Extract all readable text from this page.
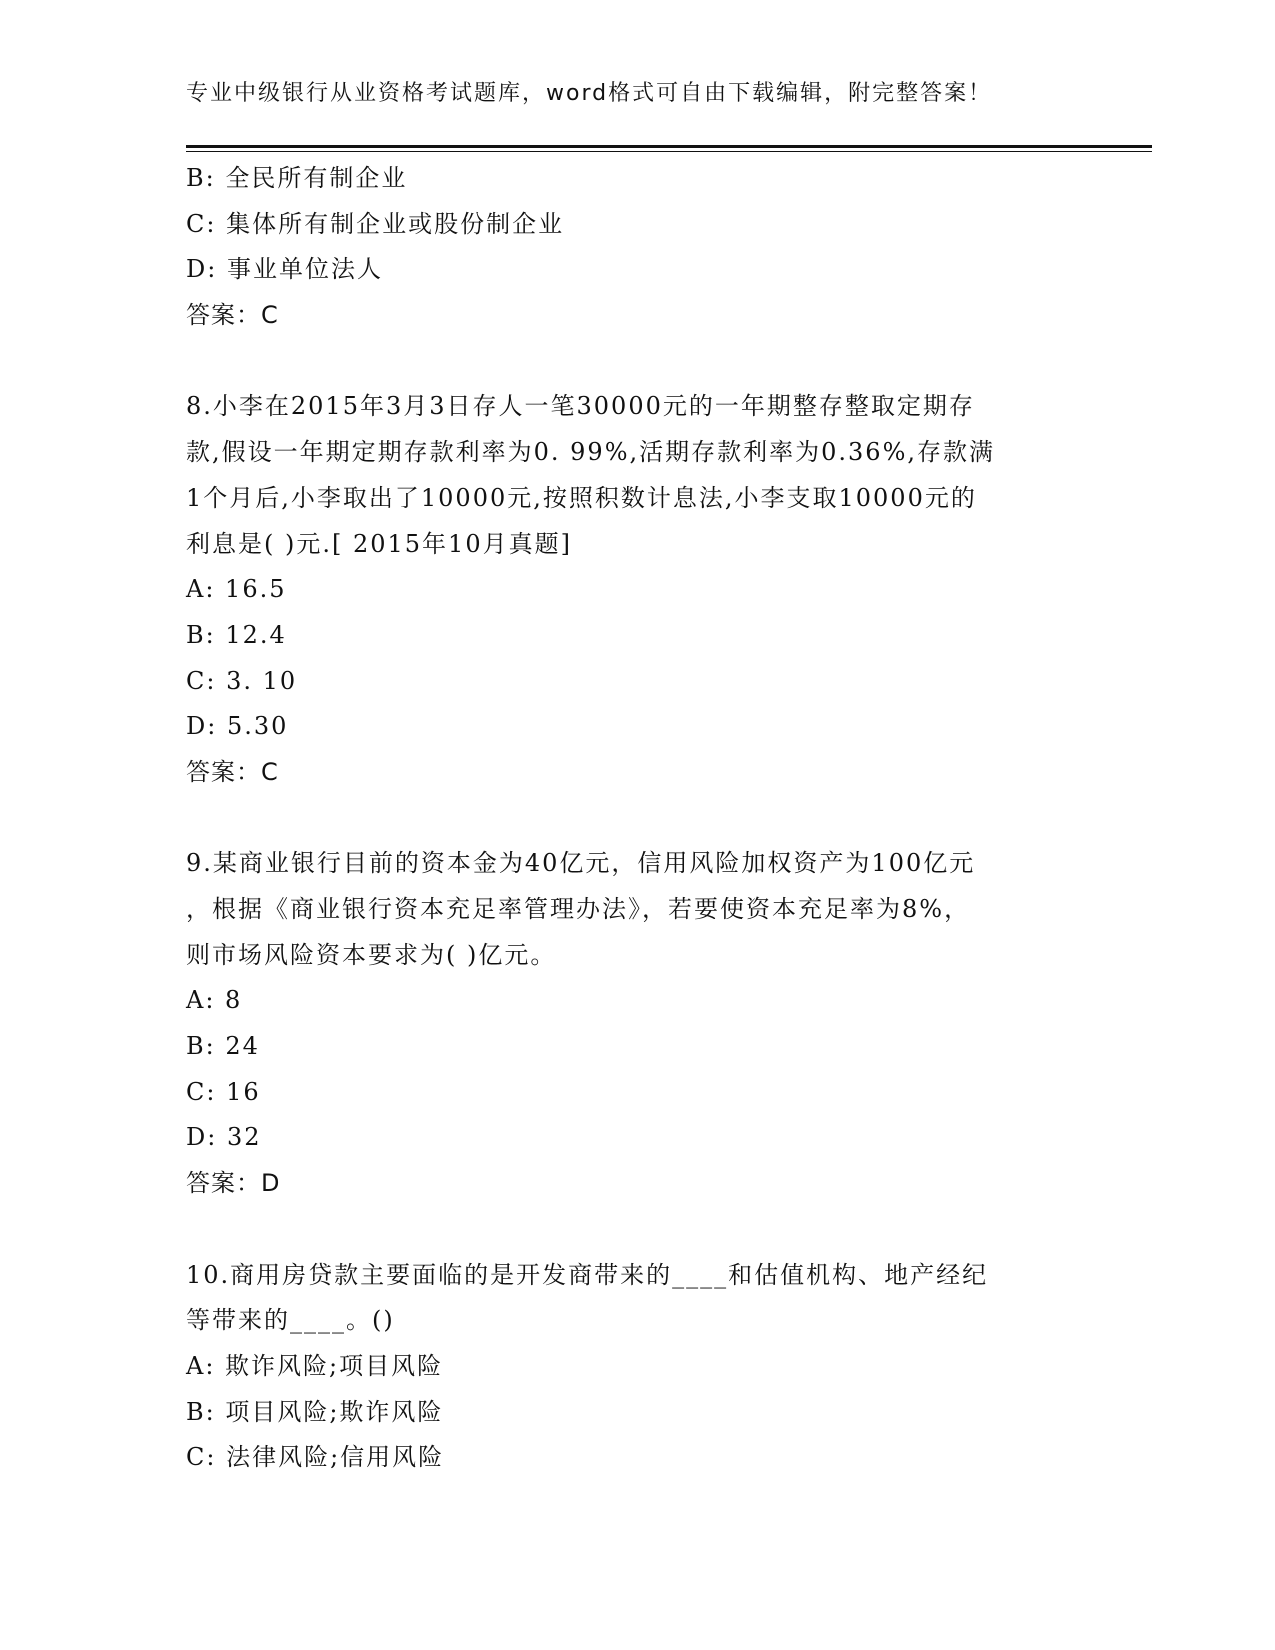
专业中级银行从业资格考试题库，word格式可自由下载编辑，附完整答案！
B: 全民所有制企业
C: 集体所有制企业或股份制企业
D: 事业单位法人
答案：C
8.小李在2015年3月3日存人一笔30000元的一年期整存整取定期存
款,假设一年期定期存款利率为0. 99%,活期存款利率为0.36%,存款满
1个月后,小李取出了10000元,按照积数计息法,小李支取10000元的
利息是( )元.[ 2015年10月真题]
A: 16.5
B: 12.4
C: 3. 10
D: 5.30
答案：C
9.某商业银行目前的资本金为40亿元，信用风险加权资产为100亿元
，根据《商业银行资本充足率管理办法》，若要使资本充足率为8%，
则市场风险资本要求为( )亿元。
A: 8
B: 24
C: 16
D: 32
答案：D
10.商用房贷款主要面临的是开发商带来的____和估值机构、地产经纪
等带来的____。()
A: 欺诈风险;项目风险
B: 项目风险;欺诈风险
C: 法律风险;信用风险
